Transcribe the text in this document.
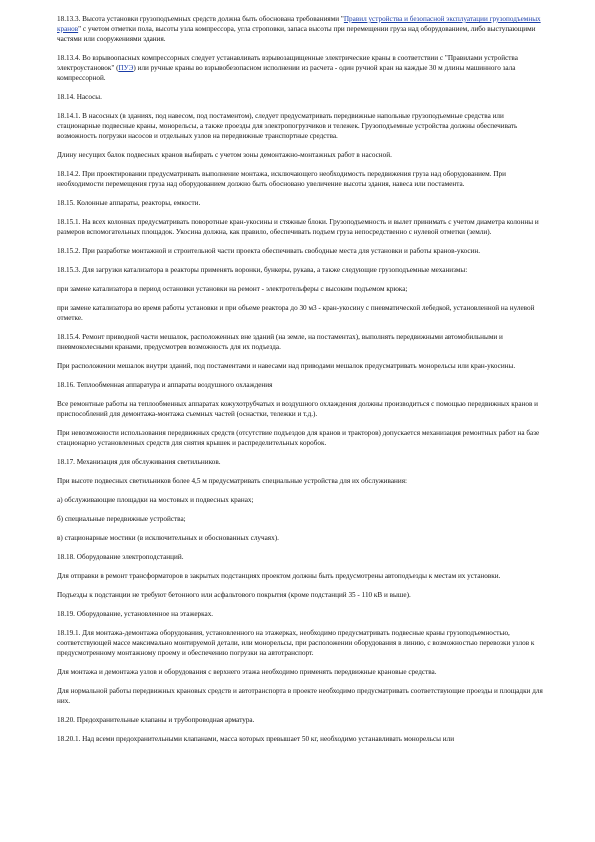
18.13.3. Высота установки грузоподъемных средств должна быть обоснована требованиями "Правил устройства и безопасной эксплуатации грузоподъемных кранов" с учетом отметки пола, высоты узла компрессора, угла строповки, запаса высоты при перемещении груза над оборудованием, либо выступающими частями или сооружениями здания.

18.13.4. Во взрывоопасных компрессорных следует устанавливать взрывозащищенные электрические краны в соответствии с "Правилами устройства электроустановок" (ПУЭ) или ручные краны во взрывобезопасном исполнении из расчета - один ручной кран на каждые 30 м длины машинного зала компрессорной.

18.14. Насосы.

18.14.1. В насосных (в зданиях, под навесом, под постаментом), следует предусматривать передвижные напольные грузоподъемные средства или стационарные подвесные краны, монорельсы, а также проезды для электропогрузчиков и тележек. Грузоподъемные устройства должны обеспечивать возможность погрузки насосов и отдельных узлов на передвижные транспортные средства.

Длину несущих балок подвесных кранов выбирать с учетом зоны демонтажно-монтажных работ в насосной.

18.14.2. При проектировании предусматривать выполнение монтажа, исключающего необходимость передвижения груза над оборудованием. При необходимости перемещения груза над оборудованием должно быть обосновано увеличение высоты здания, навеса или постамента.

18.15. Колонные аппараты, реакторы, емкости.

18.15.1. На всех колоннах предусматривать поворотные кран-укосины и стяжные блоки. Грузоподъемность и вылет принимать с учетом диаметра колонны и размеров вспомогательных площадок. Укосина должна, как правило, обеспечивать подъем груза непосредственно с нулевой отметки (земли).

18.15.2. При разработке монтажной и строительной части проекта обеспечивать свободные места для установки и работы кранов-укосин.

18.15.3. Для загрузки катализатора в реакторы применять воронки, бункеры, рукава, а также следующие грузоподъемные механизмы:

при замене катализатора в период остановки установки на ремонт - электротельферы с высоким подъемом крюка;

при замене катализатора во время работы установки и при объеме реактора до 30 м3 - кран-укосину с пневматической лебедкой, установленной на нулевой отметке.

18.15.4. Ремонт приводной части мешалок, расположенных вне зданий (на земле, на постаментах), выполнять передвижными автомобильными и пневмоколесными кранами, предусмотрев возможность для их подъезда.

При расположении мешалок внутри зданий, под постаментами и навесами над приводами мешалок предусматривать монорельсы или кран-укосины.

18.16. Теплообменная аппаратура и аппараты воздушного охлаждения

Все ремонтные работы на теплообменных аппаратах кожухотрубчатых и воздушного охлаждения должны производиться с помощью передвижных кранов и приспособлений для демонтажа-монтажа съемных частей (оснастки, тележки и т.д.).

При невозможности использования передвижных средств (отсутствие подъездов для кранов и тракторов) допускается механизация ремонтных работ на базе стационарно установленных средств для снятия крышек и распределительных коробок.

18.17. Механизация для обслуживания светильников.

При высоте подвесных светильников более 4,5 м предусматривать специальные устройства для их обслуживания:

а) обслуживающие площадки на мостовых и подвесных кранах;

б) специальные передвижные устройства;

в) стационарные мостики (в исключительных и обоснованных случаях).

18.18. Оборудование электроподстанций.

Для отправки в ремонт трансформаторов в закрытых подстанциях проектом должны быть предусмотрены автоподъезды к местам их установки.

Подъезды к подстанции не требуют бетонного или асфальтового покрытия (кроме подстанций 35 - 110 кВ и выше).

18.19. Оборудование, установленное на этажерках.

18.19.1. Для монтажа-демонтажа оборудования, установленного на этажерках, необходимо предусматривать подвесные краны грузоподъемностью, соответствующей массе максимально монтируемой детали, или монорельсы, при расположении оборудования в линию, с возможностью перевозки узлов к предусмотренному монтажному проему и обеспечению погрузки на автотранспорт.

Для монтажа и демонтажа узлов и оборудования с верхнего этажа необходимо применять передвижные крановые средства.

Для нормальной работы передвижных крановых средств и автотранспорта в проекте необходимо предусматривать соответствующие проезды и площадки для них.

18.20. Предохранительные клапаны и трубопроводная арматура.

18.20.1. Над всеми предохранительными клапанами, масса которых превышает 50 кг, необходимо устанавливать монорельсы или
